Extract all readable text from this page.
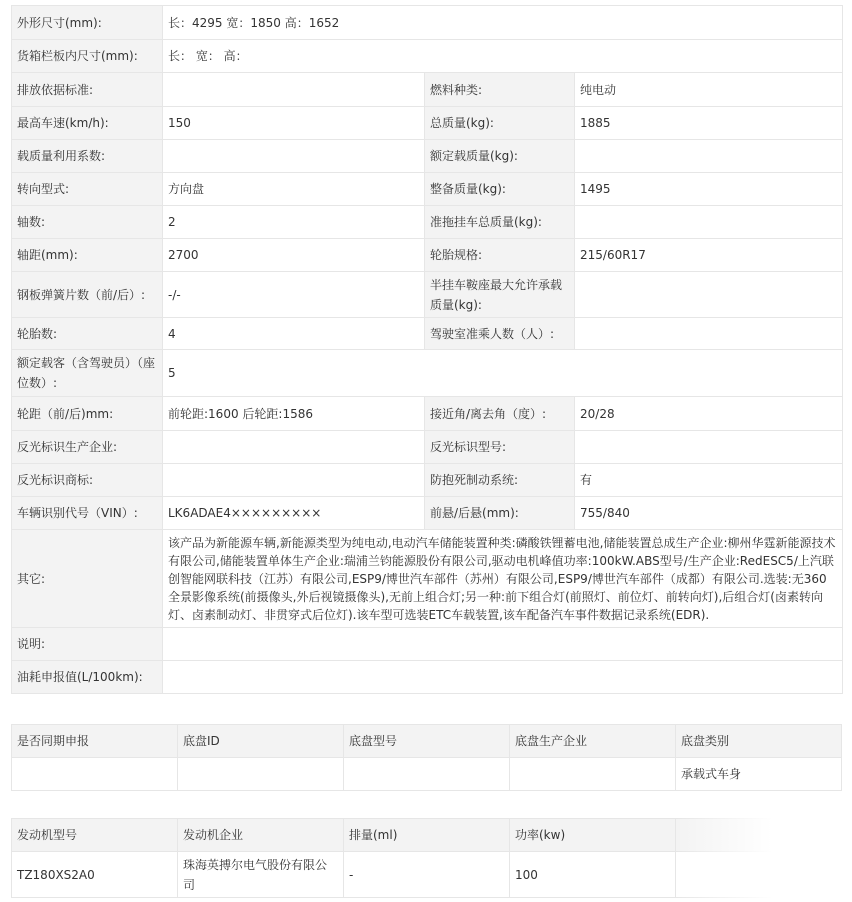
外形尺寸(mm):	长：4295 宽：1850 高：1652		
货箱栏板内尺寸(mm):	长： 宽： 高：		
排放依据标准:		燃料种类:	纯电动
最高车速(km/h):	150	总质量(kg):	1885
载质量利用系数:		额定载质量(kg):	
转向型式:	方向盘	整备质量(kg):	1495
轴数:	2	准拖挂车总质量(kg):	
轴距(mm):	2700	轮胎规格:	215/60R17
钢板弹簧片数（前/后）:	-/-	半挂车鞍座最大允许承载质量(kg):	
轮胎数:	4	驾驶室准乘人数（人）:	
额定载客（含驾驶员）（座位数）:	5		
轮距（前/后)mm:	前轮距:1600 后轮距:1586	接近角/离去角（度）:	20/28
反光标识生产企业:		反光标识型号:	
反光标识商标:		防抱死制动系统:	有
车辆识别代号（VIN）:	LK6ADAE4×××××××××	前悬/后悬(mm):	755/840
其它:	该产品为新能源车辆,新能源类型为纯电动,电动汽车储能装置种类:磷酸铁锂蓄电池,储能装置总成生产企业:柳州华霆新能源技术有限公司,储能装置单体生产企业:瑞浦兰钧能源股份有限公司,驱动电机峰值功率:100kW.ABS型号/生产企业:RedESC5/上汽联创智能网联科技（江苏）有限公司,ESP9/博世汽车部件（苏州）有限公司,ESP9/博世汽车部件（成都）有限公司.选装:无360全景影像系统(前摄像头,外后视镜摄像头),无前上组合灯;另一种:前下组合灯(前照灯、前位灯、前转向灯),后组合灯(卤素转向灯、卤素制动灯、非贯穿式后位灯).该车型可选装ETC车载装置,该车配备汽车事件数据记录系统(EDR).		
说明:			
油耗申报值(L/100km):			
是否同期申报	底盘ID	底盘型号	底盘生产企业	底盘类别
				承载式车身
发动机型号	发动机企业	排量(ml)	功率(kw)	
TZ180XS2A0	珠海英搏尔电气股份有限公司	-	100	
